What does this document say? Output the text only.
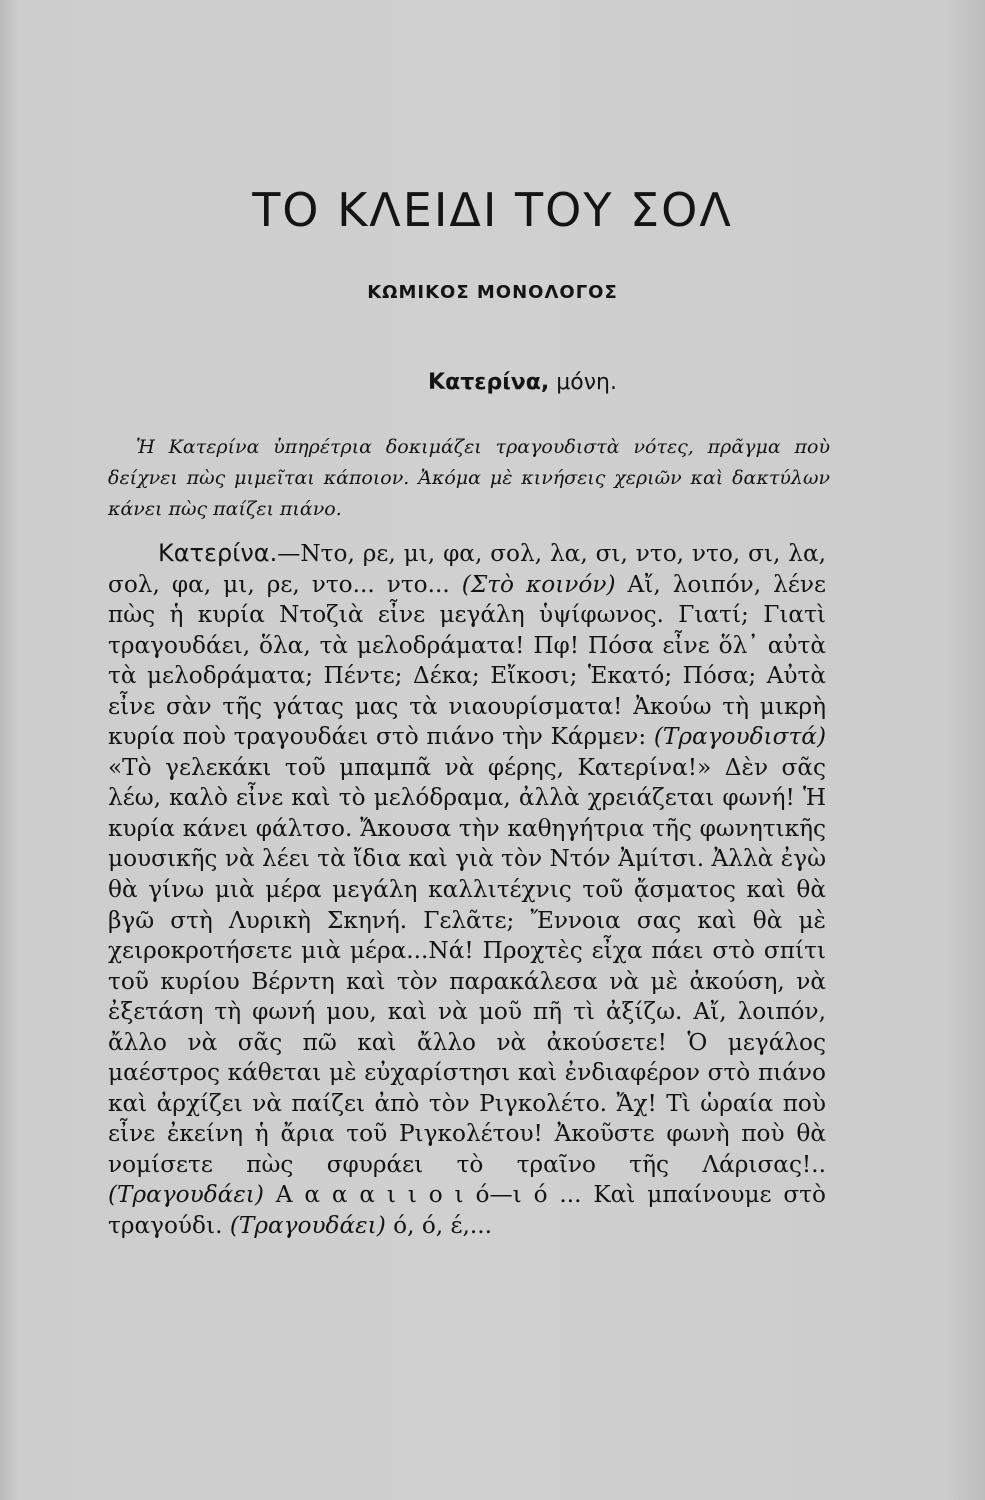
ΤΟ ΚΛΕΙΔΙ ΤΟΥ ΣΟΛ
ΚΩΜΙΚΟΣ ΜΟΝΟΛΟΓΟΣ

Κατερίνα, μόνη.

Ἡ Κατερίνα ὑπηρέτρια δοκιμάζει τραγουδιστὰ νότες, πρᾶγμα ποὺ δείχνει πὼς μιμεῖται κάποιον. Ἀκόμα μὲ κινήσεις χεριῶν καὶ δακτύλων κάνει πὼς παίζει πιάνο.

Κατερίνα.—Ντο, ρε, μι, φα, σολ, λα, σι, ντο, ντο, σι, λα, σολ, φα, μι, ρε, ντο... ντο... (Στὸ κοινόν) Αἴ, λοιπόν, λένε πὼς ἡ κυρία Ντοζιὰ εἶνε μεγάλη ὑψίφωνος. Γιατί; Γιατὶ τραγουδάει, ὅλα, τὰ μελοδράματα! Πφ! Πόσα εἶνε ὅλ᾿ αὐτὰ τὰ μελοδράματα; Πέντε; Δέκα; Εἴκοσι; Ἑκατό; Πόσα; Αὐτὰ εἶνε σὰν τῆς γάτας μας τὰ νιαουρίσματα! Ἀκούω τὴ μικρὴ κυρία ποὺ τραγουδάει στὸ πιάνο τὴν Κάρμεν: (Τραγουδιστά) «Τὸ γελεκάκι τοῦ μπαμπᾶ νὰ φέρης, Κατερίνα!» Δὲν σᾶς λέω, καλὸ εἶνε καὶ τὸ μελόδραμα, ἀλλὰ χρειάζεται φωνή! Ἡ κυρία κάνει φάλτσο. Ἄκουσα τὴν καθηγήτρια τῆς φωνητικῆς μουσικῆς νὰ λέει τὰ ἴδια καὶ γιὰ τὸν Ντόν Ἀμίτσι. Ἀλλὰ ἐγὼ θὰ γίνω μιὰ μέρα μεγάλη καλλιτέχνις τοῦ ᾄσματος καὶ θὰ βγῶ στὴ Λυρικὴ Σκηνή. Γελᾶτε; Ἔννοια σας καὶ θὰ μὲ χειροκροτήσετε μιὰ μέρα...Νά! Προχτὲς εἶχα πάει στὸ σπίτι τοῦ κυρίου Βέρντη καὶ τὸν παρακάλεσα νὰ μὲ ἀκούση, νὰ ἐξετάση τὴ φωνή μου, καὶ νὰ μοῦ πῆ τὶ ἀξίζω. Αἴ, λοιπόν, ἄλλο νὰ σᾶς πῶ καὶ ἄλλο νὰ ἀκούσετε! Ὁ μεγάλος μαέστρος κάθεται μὲ εὐχαρίστησι καὶ ἐνδιαφέρον στὸ πιάνο καὶ ἀρχίζει νὰ παίζει ἀπὸ τὸν Ριγκολέτο. Ἄχ! Τὶ ὡραία ποὺ εἶνε ἐκείνη ἡ ἄρια τοῦ Ριγκολέτου! Ἀκοῦστε φωνὴ ποὺ θὰ νομίσετε πὼς σφυράει τὸ τραῖνο τῆς Λάρισας!.. (Τραγουδάει) Α α α α ι ι ο ι ό—ι ό ... Καὶ μπαίνουμε στὸ τραγούδι. (Τραγουδάει) ό, ό, έ,...
